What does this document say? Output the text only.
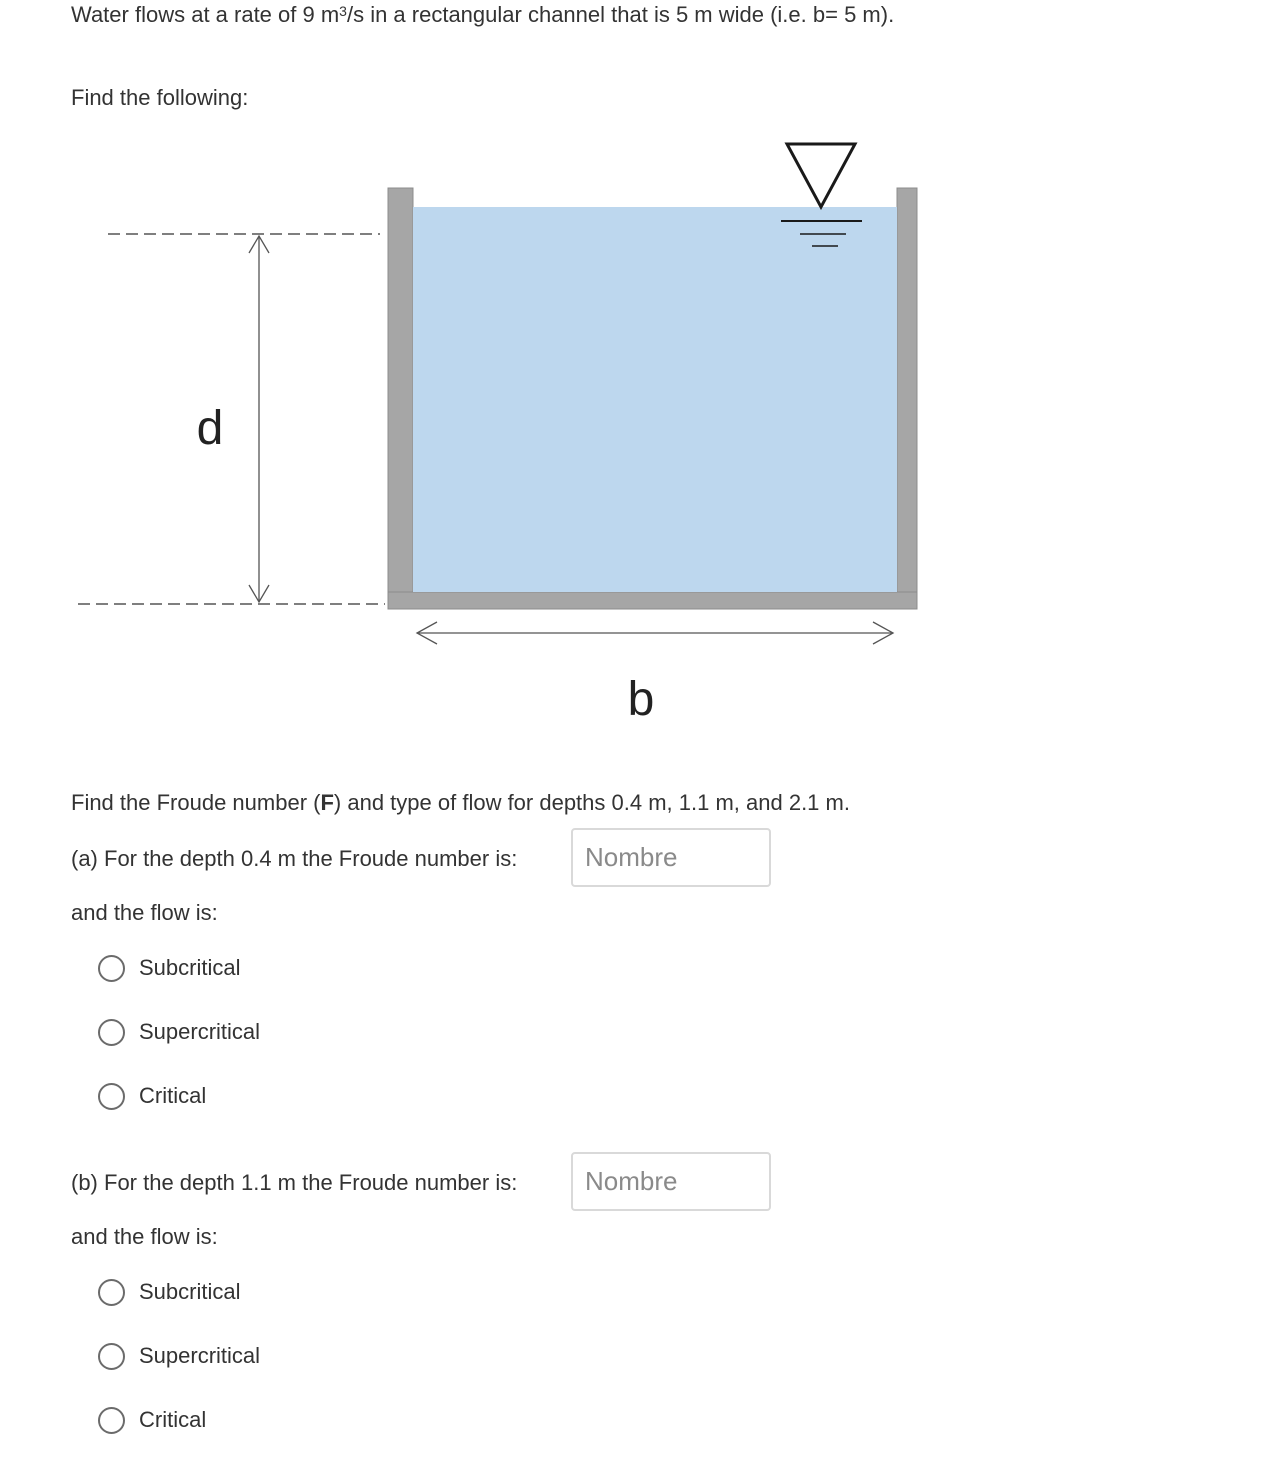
Water flows at a rate of 9 $m^3/s$ in a rectangular channel that is 5 m wide (i.e. b= 5 m).
Find the following:
d
b
Find the Froude number (F) and type of flow for depths 0.4 m, 1.1 m, and 2.1 m.
(a) For the depth 0.4 m the Froude number is:
Nombre
and the flow is:
Subcritical
Supercritical
Critical
(b) For the depth 1.1 m the Froude number is:
Nombre
and the flow is:
Subcritical
Supercritical
Critical
